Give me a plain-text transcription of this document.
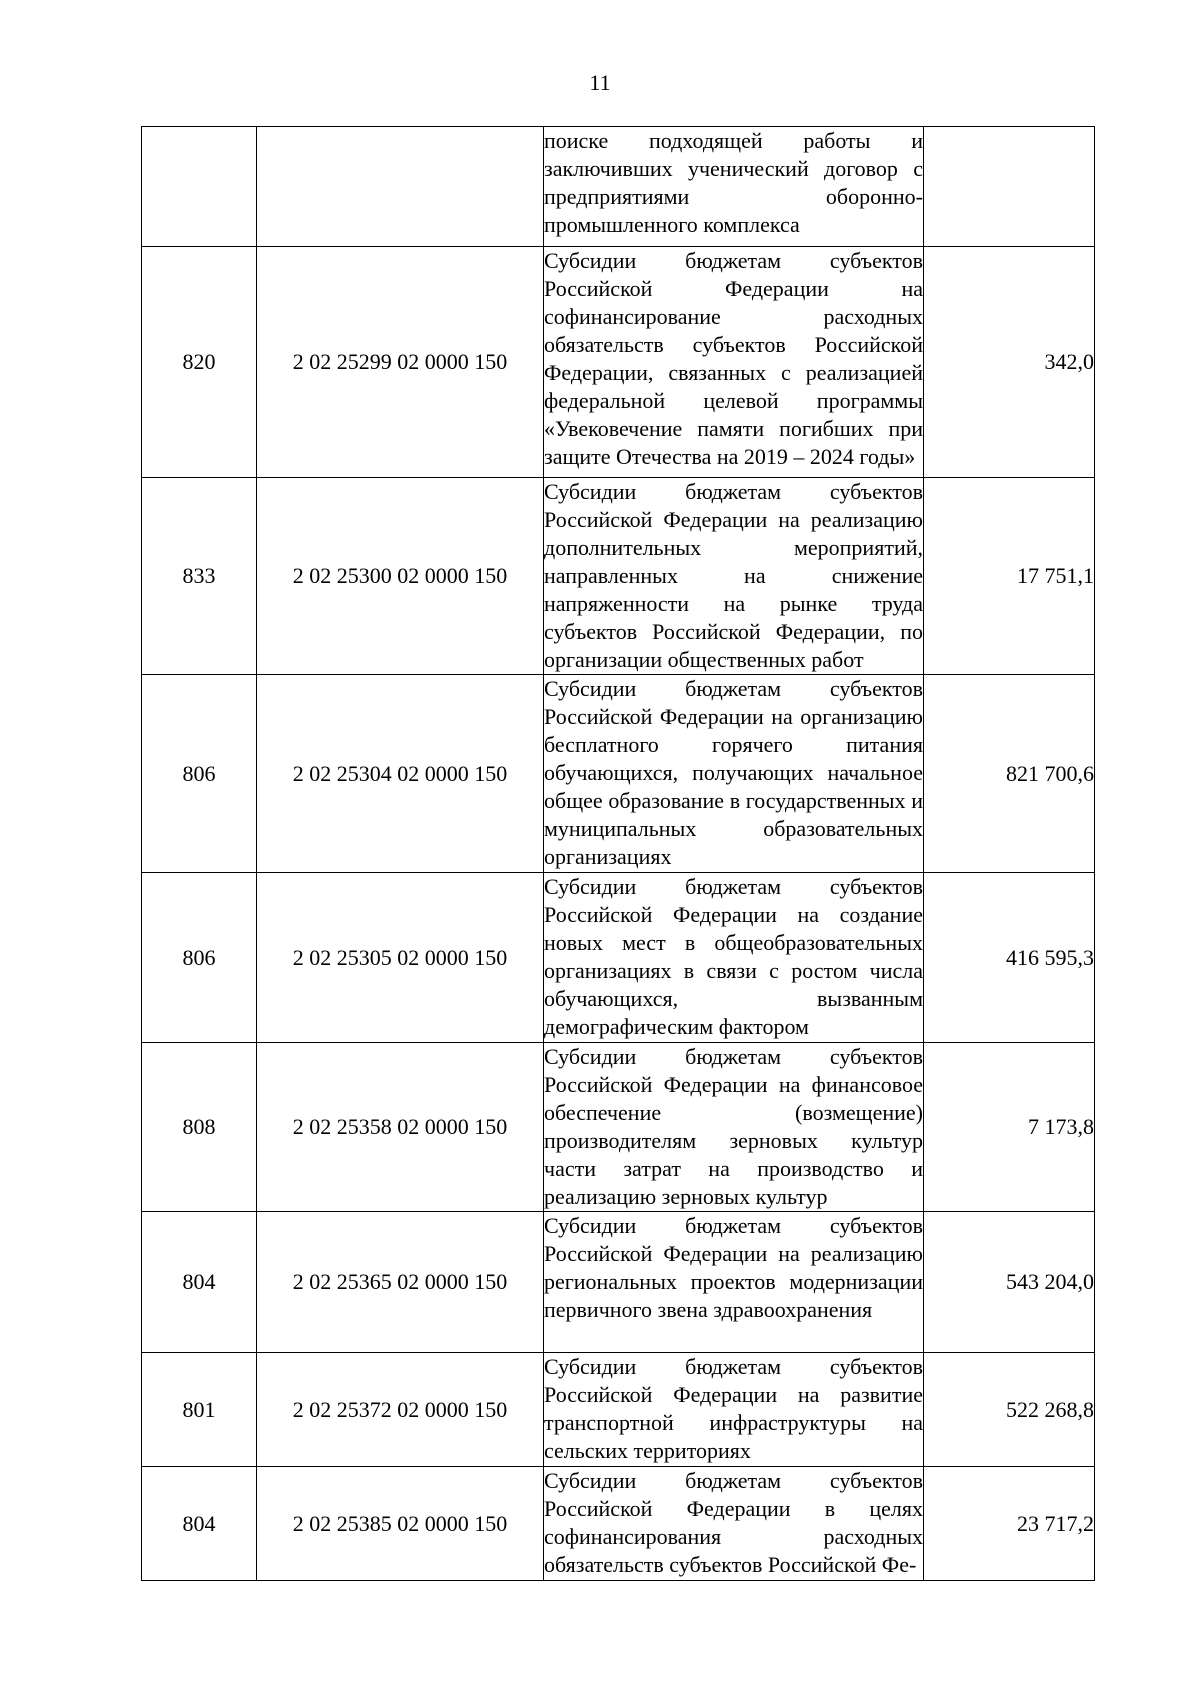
11
		поиске подходящей работы и заключивших ученический договор с предприятиями оборонно-промышленного комплекса	
820	2 02 25299 02 0000 150	Субсидии бюджетам субъектов Российской Федерации на софинансирование расходных обязательств субъектов Российской Федерации, связанных с реализацией федеральной целевой программы «Увековечение памяти погибших при защите Отечества на 2019 – 2024 годы»	342,0
833	2 02 25300 02 0000 150	Субсидии бюджетам субъектов Российской Федерации на реализацию дополнительных мероприятий, направленных на снижение напряженности на рынке труда субъектов Российской Федерации, по организации общественных работ	17 751,1
806	2 02 25304 02 0000 150	Субсидии бюджетам субъектов Российской Федерации на организацию бесплатного горячего питания обучающихся, получающих начальное общее образование в государственных и муниципальных образовательных организациях	821 700,6
806	2 02 25305 02 0000 150	Субсидии бюджетам субъектов Российской Федерации на создание новых мест в общеобразовательных организациях в связи с ростом числа обучающихся, вызванным демографическим фактором	416 595,3
808	2 02 25358 02 0000 150	Субсидии бюджетам субъектов Российской Федерации на финансовое обеспечение (возмещение) производителям зерновых культур части затрат на производство и реализацию зерновых культур	7 173,8
804	2 02 25365 02 0000 150	Субсидии бюджетам субъектов Российской Федерации на реализацию региональных проектов модернизации первичного звена здравоохранения	543 204,0
801	2 02 25372 02 0000 150	Субсидии бюджетам субъектов Российской Федерации на развитие транспортной инфраструктуры на сельских территориях	522 268,8
804	2 02 25385 02 0000 150	Субсидии бюджетам субъектов Российской Федерации в целях софинансирования расходных обязательств субъектов Российской Фе-	23 717,2
